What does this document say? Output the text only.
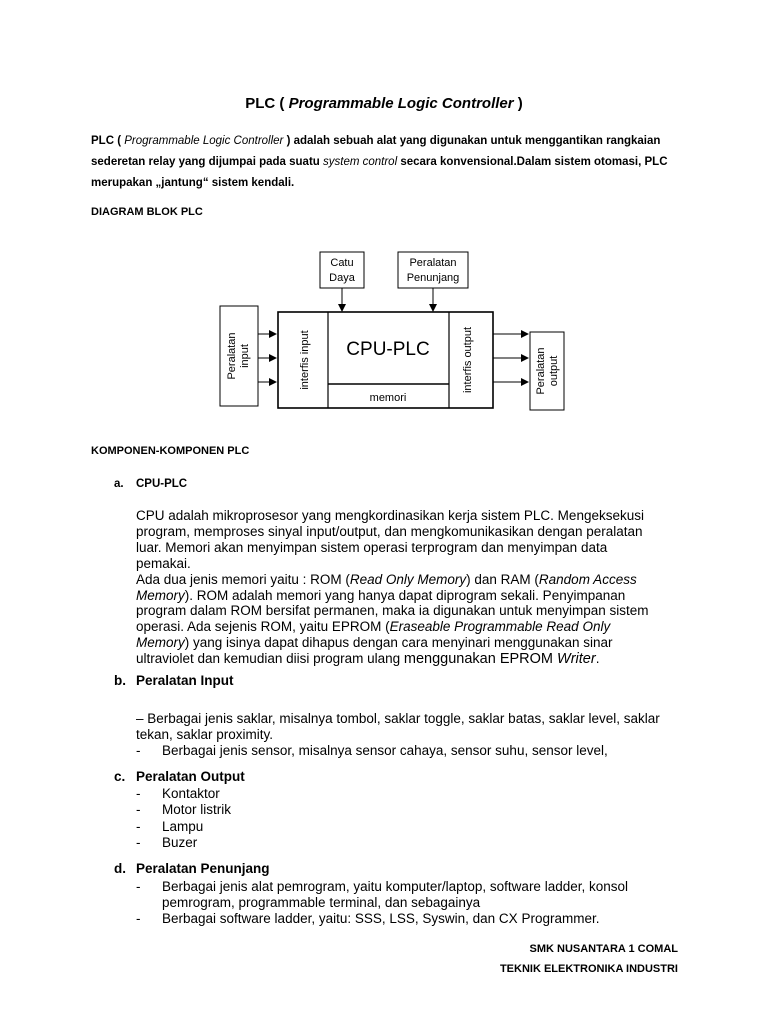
PLC ( Programmable Logic Controller )
PLC ( Programmable Logic Controller ) adalah sebuah alat yang digunakan untuk menggantikan rangkaian sederetan relay yang dijumpai pada suatu system control secara konvensional.Dalam sistem otomasi, PLC merupakan „jantung“ sistem kendali.
DIAGRAM BLOK PLC
Catu
Daya
Peralatan
Penunjang
Peralatan input	interfis input CPU-PLC
memori
interfis output	Peralatan output
KOMPONEN-KOMPONEN PLC
a. CPU-PLC
CPU adalah mikroprosesor yang mengkordinasikan kerja sistem PLC. Mengeksekusi
program, memproses sinyal input/output, dan mengkomunikasikan dengan peralatan
luar. Memori akan menyimpan sistem operasi terprogram dan menyimpan data
pemakai.
Ada dua jenis memori yaitu : ROM (Read Only Memory) dan RAM (Random Access
Memory). ROM adalah memori yang hanya dapat diprogram sekali. Penyimpanan
program dalam ROM bersifat permanen, maka ia digunakan untuk menyimpan sistem
operasi. Ada sejenis ROM, yaitu EPROM (Eraseable Programmable Read Only
Memory) yang isinya dapat dihapus dengan cara menyinari menggunakan sinar
ultraviolet dan kemudian diisi program ulang menggunakan EPROM Writer.
b. Peralatan Input
– Berbagai jenis saklar, misalnya tombol, saklar toggle, saklar batas, saklar level, saklar
tekan, saklar proximity.
- Berbagai jenis sensor, misalnya sensor cahaya, sensor suhu, sensor level,
c. Peralatan Output
- Kontaktor
- Motor listrik
- Lampu
- Buzer
d. Peralatan Penunjang
- Berbagai jenis alat pemrogram, yaitu komputer/laptop, software ladder, konsol
pemrogram, programmable terminal, dan sebagainya
- Berbagai software ladder, yaitu: SSS, LSS, Syswin, dan CX Programmer.
SMK NUSANTARA 1 COMAL
TEKNIK ELEKTRONIKA INDUSTRI
